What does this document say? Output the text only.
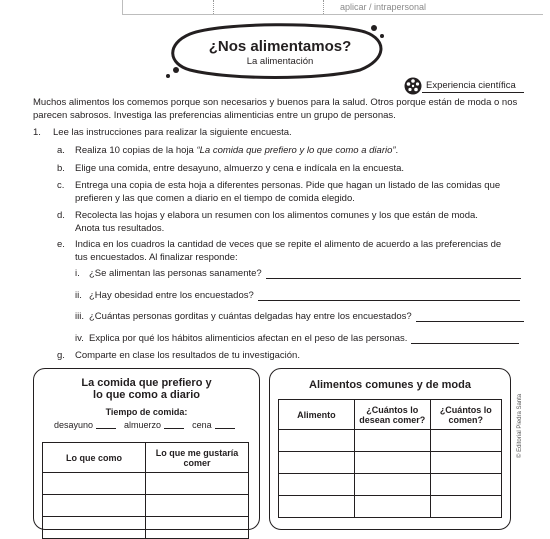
aplicar / intrapersonal
¿Nos alimentamos?
La alimentación
Experiencia científica
Muchos alimentos los comemos porque son necesarios y buenos para la salud. Otros porque están de moda o nos parecen sabrosos. Investiga las preferencias alimenticias entre un grupo de personas.
1. Lee las instrucciones para realizar la siguiente encuesta.
a. Realiza 10 copias de la hoja “La comida que prefiero y lo que como a diario”.
b. Elige una comida, entre desayuno, almuerzo y cena e indícala en la encuesta.
c. Entrega una copia de esta hoja a diferentes personas. Pide que hagan un listado de las comidas que prefieren y las que comen a diario en el tiempo de comida elegido.
d. Recolecta las hojas y elabora un resumen con los alimentos comunes y los que están de moda.
Anota tus resultados.
e. Indica en los cuadros la cantidad de veces que se repite el alimento de acuerdo a las preferencias de tus encuestados. Al finalizar responde:
i. ¿Se alimentan las personas sanamente?
ii. ¿Hay obesidad entre los encuestados?
iii. ¿Cuántas personas gorditas y cuántas delgadas hay entre los encuestados?
iv. Explica por qué los hábitos alimenticios afectan en el peso de las personas.
g. Comparte en clase los resultados de tu investigación.
La comida que prefiero y
lo que como a diario
Tiempo de comida:
desayuno	almuerzo	cena
Lo que como	Lo que me gustaría comer

Alimentos comunes y de moda
Alimento	¿Cuántos lo desean comer?	¿Cuántos lo comen?

			© Editorial Piedra Santa
